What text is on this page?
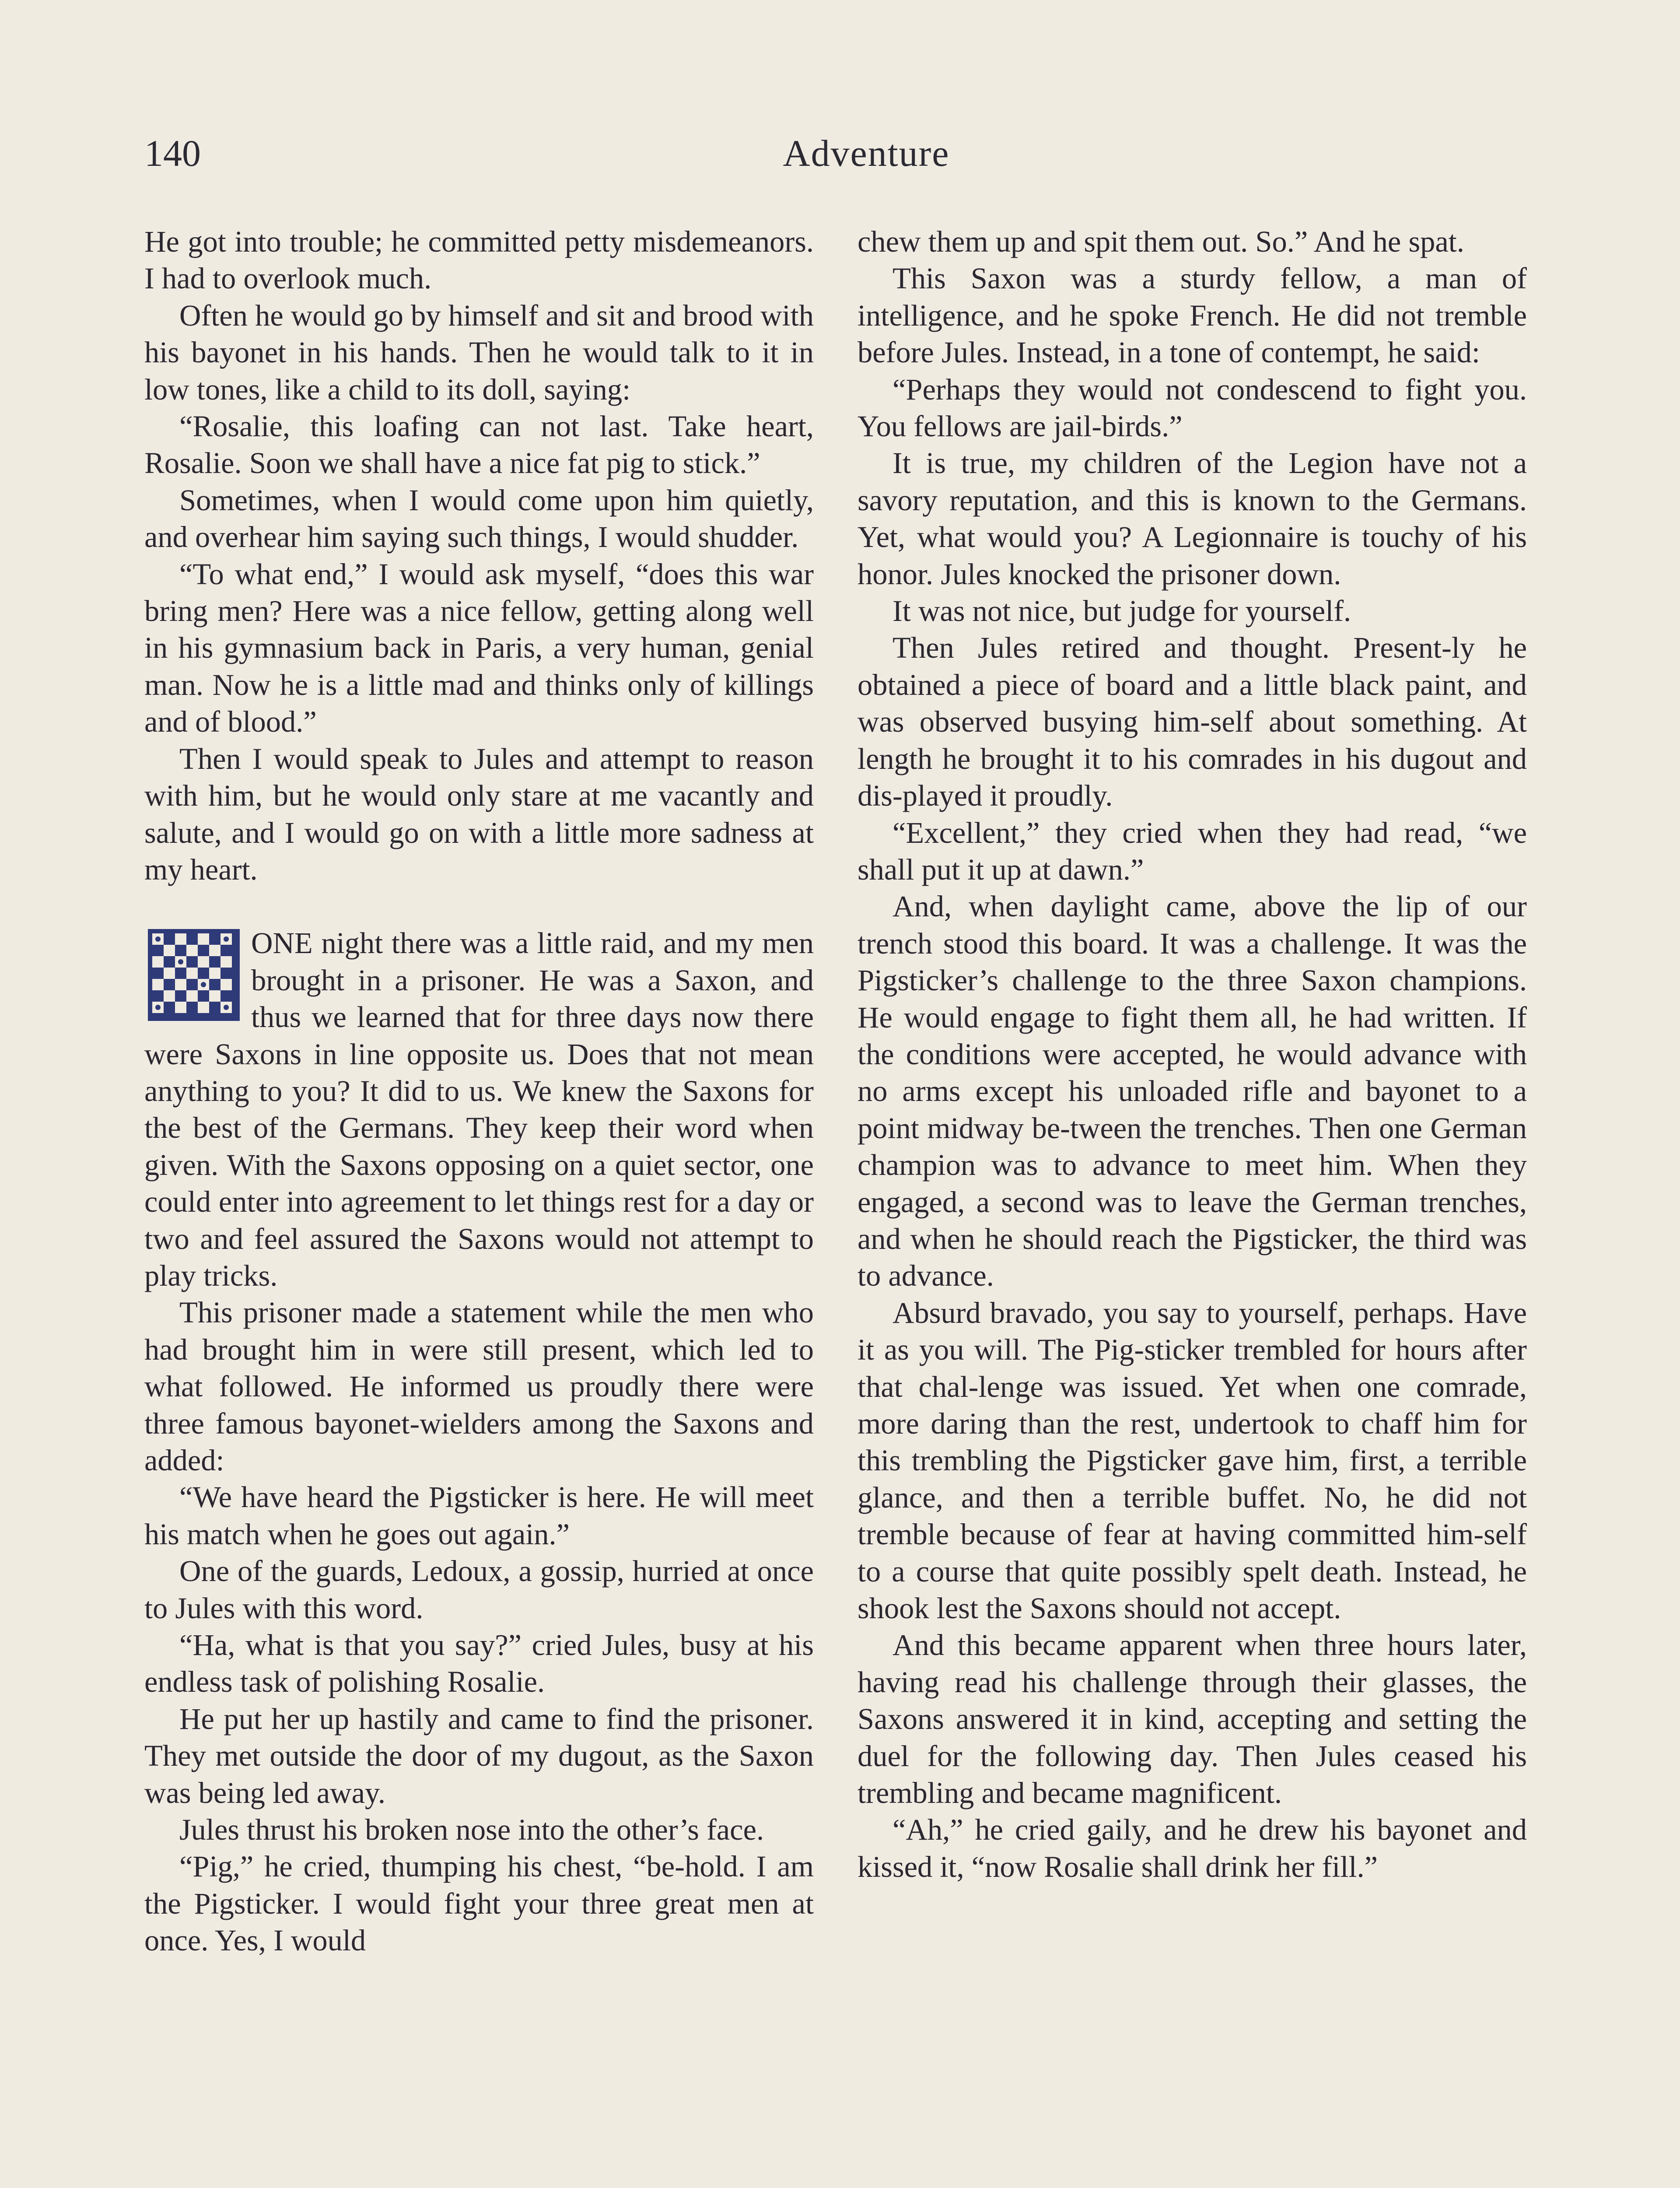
140	Adventure

He got into trouble; he committed petty misdemeanors. I had to overlook much.

Often he would go by himself and sit and brood with his bayonet in his hands. Then he would talk to it in low tones, like a child to its doll, saying:

“Rosalie, this loafing can not last. Take heart, Rosalie. Soon we shall have a nice fat pig to stick.”

Sometimes, when I would come upon him quietly, and overhear him saying such things, I would shudder.

“To what end,” I would ask myself, “does this war bring men? Here was a nice fellow, getting along well in his gymnasium back in Paris, a very human, genial man. Now he is a little mad and thinks only of killings and of blood.”

Then I would speak to Jules and attempt to reason with him, but he would only stare at me vacantly and salute, and I would go on with a little more sadness at my heart.

ONE night there was a little raid, and my men brought in a prisoner. He was a Saxon, and thus we learned that for three days now there were Saxons in line opposite us. Does that not mean anything to you? It did to us. We knew the Saxons for the best of the Germans. They keep their word when given. With the Saxons opposing on a quiet sector, one could enter into agreement to let things rest for a day or two and feel assured the Saxons would not attempt to play tricks.

This prisoner made a statement while the men who had brought him in were still present, which led to what followed. He informed us proudly there were three famous bayonet-wielders among the Saxons and added:

“We have heard the Pigsticker is here. He will meet his match when he goes out again.”

One of the guards, Ledoux, a gossip, hurried at once to Jules with this word.

“Ha, what is that you say?” cried Jules, busy at his endless task of polishing Rosalie.

He put her up hastily and came to find the prisoner. They met outside the door of my dugout, as the Saxon was being led away.

Jules thrust his broken nose into the other’s face.

“Pig,” he cried, thumping his chest, “be-hold. I am the Pigsticker. I would fight your three great men at once. Yes, I would

chew them up and spit them out. So.” And he spat.

This Saxon was a sturdy fellow, a man of intelligence, and he spoke French. He did not tremble before Jules. Instead, in a tone of contempt, he said:

“Perhaps they would not condescend to fight you. You fellows are jail-birds.”

It is true, my children of the Legion have not a savory reputation, and this is known to the Germans. Yet, what would you? A Legionnaire is touchy of his honor. Jules knocked the prisoner down.

It was not nice, but judge for yourself.

Then Jules retired and thought. Present-ly he obtained a piece of board and a little black paint, and was observed busying him-self about something. At length he brought it to his comrades in his dugout and dis-played it proudly.

“Excellent,” they cried when they had read, “we shall put it up at dawn.”

And, when daylight came, above the lip of our trench stood this board. It was a challenge. It was the Pigsticker’s challenge to the three Saxon champions. He would engage to fight them all, he had written. If the conditions were accepted, he would advance with no arms except his unloaded rifle and bayonet to a point midway be-tween the trenches. Then one German champion was to advance to meet him. When they engaged, a second was to leave the German trenches, and when he should reach the Pigsticker, the third was to advance.

Absurd bravado, you say to yourself, perhaps. Have it as you will. The Pig-sticker trembled for hours after that chal-lenge was issued. Yet when one comrade, more daring than the rest, undertook to chaff him for this trembling the Pigsticker gave him, first, a terrible glance, and then a terrible buffet. No, he did not tremble because of fear at having committed him-self to a course that quite possibly spelt death. Instead, he shook lest the Saxons should not accept.

And this became apparent when three hours later, having read his challenge through their glasses, the Saxons answered it in kind, accepting and setting the duel for the following day. Then Jules ceased his trembling and became magnificent.

“Ah,” he cried gaily, and he drew his bayonet and kissed it, “now Rosalie shall drink her fill.”
